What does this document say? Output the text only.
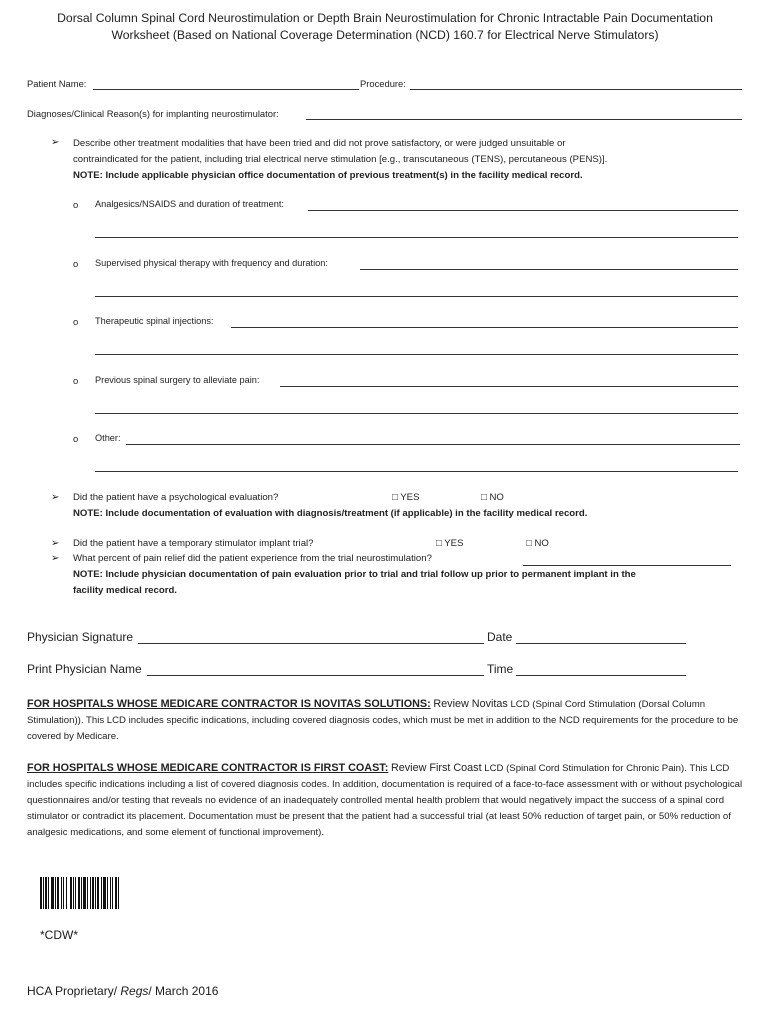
Dorsal Column Spinal Cord Neurostimulation or Depth Brain Neurostimulation for Chronic Intractable Pain Documentation
Worksheet (Based on National Coverage Determination (NCD) 160.7 for Electrical Nerve Stimulators)
Patient Name:	Procedure:
Diagnoses/Clinical Reason(s) for implanting neurostimulator:
➢ Describe other treatment modalities that have been tried and did not prove satisfactory, or were judged unsuitable or
contraindicated for the patient, including trial electrical nerve stimulation [e.g., transcutaneous (TENS), percutaneous (PENS)].
NOTE: Include applicable physician office documentation of previous treatment(s) in the facility medical record.
o Analgesics/NSAIDS and duration of treatment:
o Supervised physical therapy with frequency and duration:
o Therapeutic spinal injections:
o Previous spinal surgery to alleviate pain:
o Other:
➢ Did the patient have a psychological evaluation?	□ YES	□ NO
NOTE: Include documentation of evaluation with diagnosis/treatment (if applicable) in the facility medical record.
➢ Did the patient have a temporary stimulator implant trial?	□ YES	□ NO
➢ What percent of pain relief did the patient experience from the trial neurostimulation?
NOTE: Include physician documentation of pain evaluation prior to trial and trial follow up prior to permanent implant in the
facility medical record.
Physician Signature	Date
Print Physician Name	Time
FOR HOSPITALS WHOSE MEDICARE CONTRACTOR IS NOVITAS SOLUTIONS: Review Novitas LCD (Spinal Cord Stimulation (Dorsal Column Stimulation)). This LCD includes specific indications, including covered diagnosis codes, which must be met in addition to the NCD requirements for the procedure to be covered by Medicare.
FOR HOSPITALS WHOSE MEDICARE CONTRACTOR IS FIRST COAST: Review First Coast LCD (Spinal Cord Stimulation for Chronic Pain). This LCD includes specific indications including a list of covered diagnosis codes. In addition, documentation is required of a face-to-face assessment with or without psychological questionnaires and/or testing that reveals no evidence of an inadequately controlled mental health problem that would negatively impact the success of a spinal cord stimulator or contradict its placement. Documentation must be present that the patient had a successful trial (at least 50% reduction of target pain, or 50% reduction of analgesic medications, and some element of functional improvement).
*CDW*
HCA Proprietary/ Regs/ March 2016
